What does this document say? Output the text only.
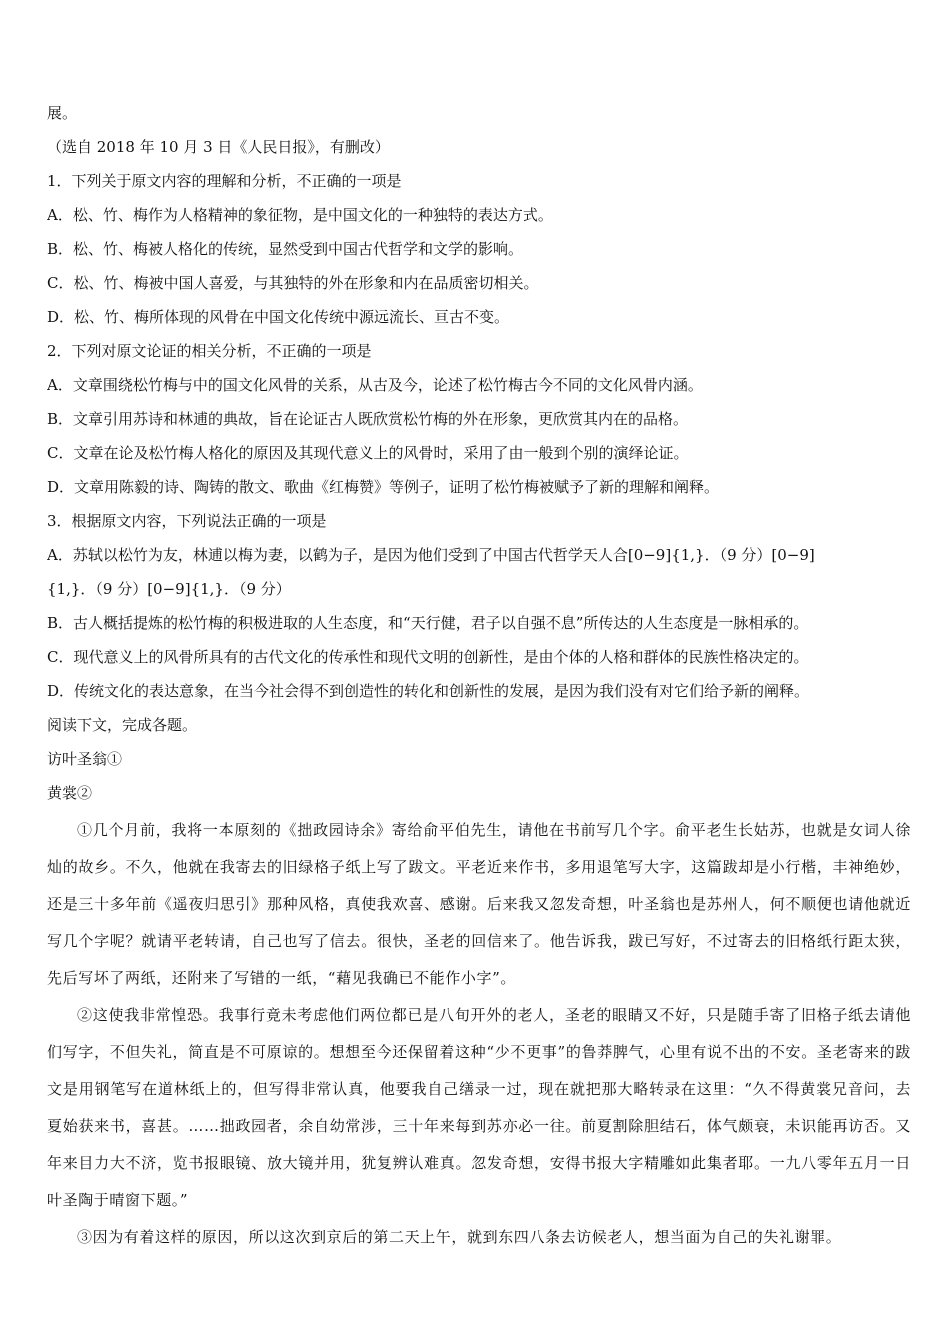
展。
（选自 2018 年 10 月 3 日《人民日报》，有删改）
1．下列关于原文内容的理解和分析，不正确的一项是
A．松、竹、梅作为人格精神的象征物，是中国文化的一种独特的表达方式。
B．松、竹、梅被人格化的传统，显然受到中国古代哲学和文学的影响。
C．松、竹、梅被中国人喜爱，与其独特的外在形象和内在品质密切相关。
D．松、竹、梅所体现的风骨在中国文化传统中源远流长、亘古不变。
2．下列对原文论证的相关分析，不正确的一项是
A．文章围绕松竹梅与中的国文化风骨的关系，从古及今，论述了松竹梅古今不同的文化风骨内涵。
B．文章引用苏诗和林逋的典故，旨在论证古人既欣赏松竹梅的外在形象，更欣赏其内在的品格。
C．文章在论及松竹梅人格化的原因及其现代意义上的风骨时，采用了由一般到个别的演绎论证。
D．文章用陈毅的诗、陶铸的散文、歌曲《红梅赞》等例子，证明了松竹梅被赋予了新的理解和阐释。
3．根据原文内容，下列说法正确的一项是
A．苏轼以松竹为友，林逋以梅为妻，以鹤为子，是因为他们受到了中国古代哲学天人合[0−9]{1,}．（9 分）[0−9]
{1,}．（9 分）[0−9]{1,}．（9 分）
B．古人概括提炼的松竹梅的积极进取的人生态度，和“天行健，君子以自强不息”所传达的人生态度是一脉相承的。
C．现代意义上的风骨所具有的古代文化的传承性和现代文明的创新性，是由个体的人格和群体的民族性格决定的。
D．传统文化的表达意象，在当今社会得不到创造性的转化和创新性的发展，是因为我们没有对它们给予新的阐释。
阅读下文，完成各题。
访叶圣翁①
黄裳②

①几个月前，我将一本原刻的《拙政园诗余》寄给俞平伯先生，请他在书前写几个字。俞平老生长姑苏，也就是女词人徐灿的故乡。不久，他就在我寄去的旧绿格子纸上写了跋文。平老近来作书，多用退笔写大字，这篇跋却是小行楷，丰神绝妙，还是三十多年前《遥夜归思引》那种风格，真使我欢喜、感谢。后来我又忽发奇想，叶圣翁也是苏州人，何不顺便也请他就近写几个字呢？就请平老转请，自己也写了信去。很快，圣老的回信来了。他告诉我，跋已写好，不过寄去的旧格纸行距太狭，先后写坏了两纸，还附来了写错的一纸，“藉见我确已不能作小字”。

②这使我非常惶恐。我事行竟未考虑他们两位都已是八旬开外的老人，圣老的眼睛又不好，只是随手寄了旧格子纸去请他们写字，不但失礼，简直是不可原谅的。想想至今还保留着这种“少不更事”的鲁莽脾气，心里有说不出的不安。圣老寄来的跋文是用钢笔写在道林纸上的，但写得非常认真，他要我自己缮录一过，现在就把那大略转录在这里：“久不得黄裳兄音问，去夏始获来书，喜甚。……拙政园者，余自幼常涉，三十年来每到苏亦必一往。前夏割除胆结石，体气颇衰，未识能再访否。又年来目力大不济，览书报眼镜、放大镜并用，犹复辨认难真。忽发奇想，安得书报大字精雕如此集者耶。一九八零年五月一日叶圣陶于晴窗下题。”

③因为有着这样的原因，所以这次到京后的第二天上午，就到东四八条去访候老人，想当面为自己的失礼谢罪。
